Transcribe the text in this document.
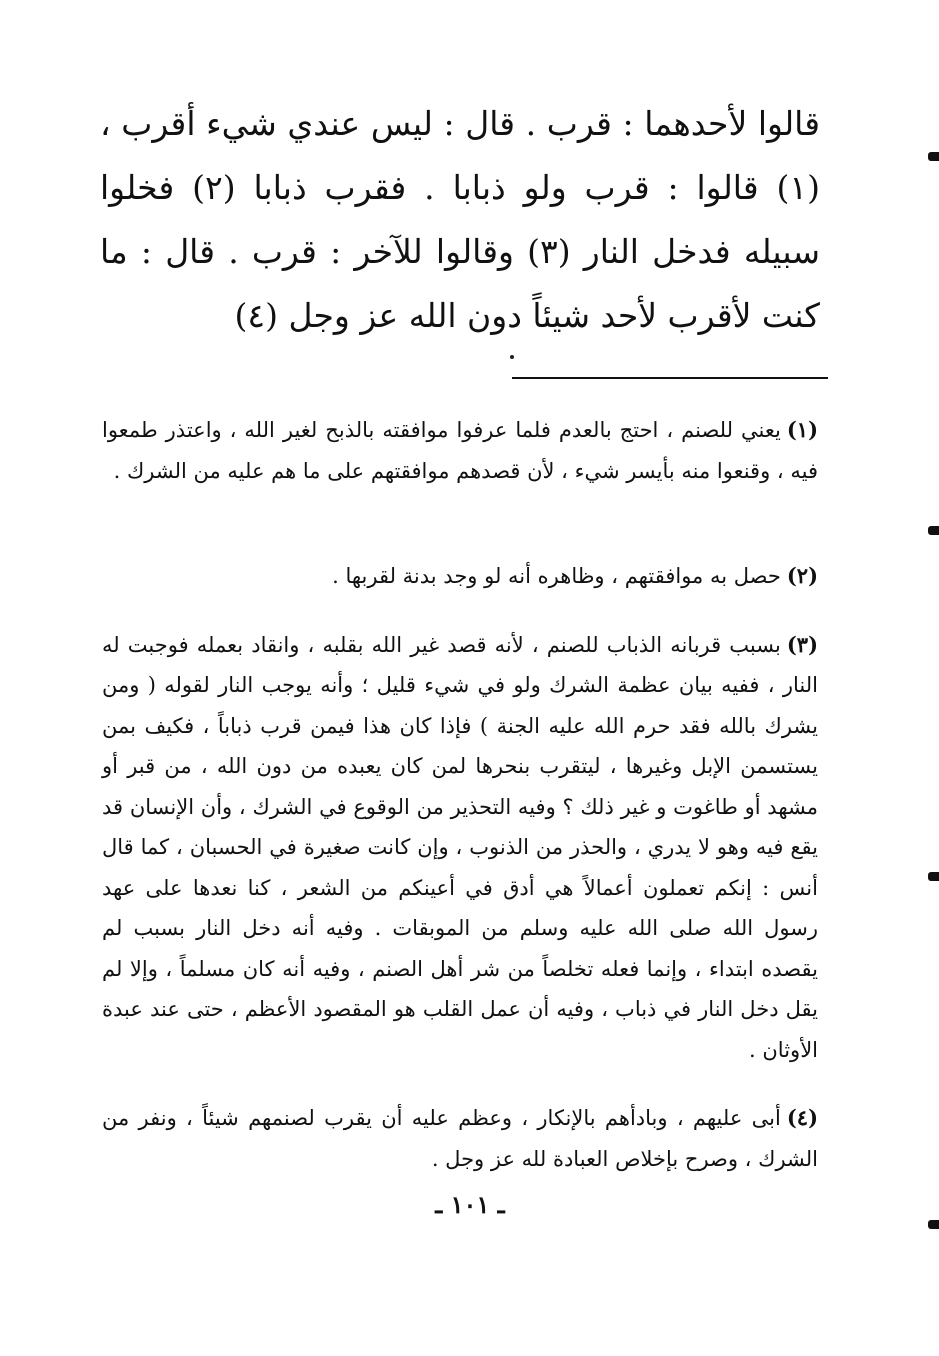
قالوا لأحدهما : قرب . قال : ليس عندي شيء أقرب ، (١) قالوا : قرب ولو ذبابا . فقرب ذبابا (٢) فخلوا سبيله فدخل النار (٣) وقالوا للآخر : قرب . قال : ما كنت لأقرب لأحد شيئاً دون الله عز وجل (٤)

(١)يعني للصنم ، احتج بالعدم فلما عرفوا موافقته بالذبح لغير الله ، واعتذر طمعوا فيه ، وقنعوا منه بأيسر شيء ، لأن قصدهم موافقتهم على ما هم عليه من الشرك .

(٢)حصل به موافقتهم ، وظاهره أنه لو وجد بدنة لقربها .

(٣)بسبب قربانه الذباب للصنم ، لأنه قصد غير الله بقلبه ، وانقاد بعمله فوجبت له النار ، ففيه بيان عظمة الشرك ولو في شيء قليل ؛ وأنه يوجب النار لقوله ( ومن يشرك بالله فقد حرم الله عليه الجنة ) فإذا كان هذا فيمن قرب ذباباً ، فكيف بمن يستسمن الإبل وغيرها ، ليتقرب بنحرها لمن كان يعبده من دون الله ، من قبر أو مشهد أو طاغوت و غير ذلك ؟ وفيه التحذير من الوقوع في الشرك ، وأن الإنسان قد يقع فيه وهو لا يدري ، والحذر من الذنوب ، وإن كانت صغيرة في الحسبان ، كما قال أنس : إنكم تعملون أعمالاً هي أدق في أعينكم من الشعر ، كنا نعدها على عهد رسول الله صلى الله عليه وسلم من الموبقات . وفيه أنه دخل النار بسبب لم يقصده ابتداء ، وإنما فعله تخلصاً من شر أهل الصنم ، وفيه أنه كان مسلماً ، وإلا لم يقل دخل النار في ذباب ، وفيه أن عمل القلب هو المقصود الأعظم ، حتى عند عبدة الأوثان .

(٤)أبى عليهم ، وبادأهم بالإنكار ، وعظم عليه أن يقرب لصنمهم شيئاً ، ونفر من الشرك ، وصرح بإخلاص العبادة لله عز وجل .

ـ ١٠١ ـ
